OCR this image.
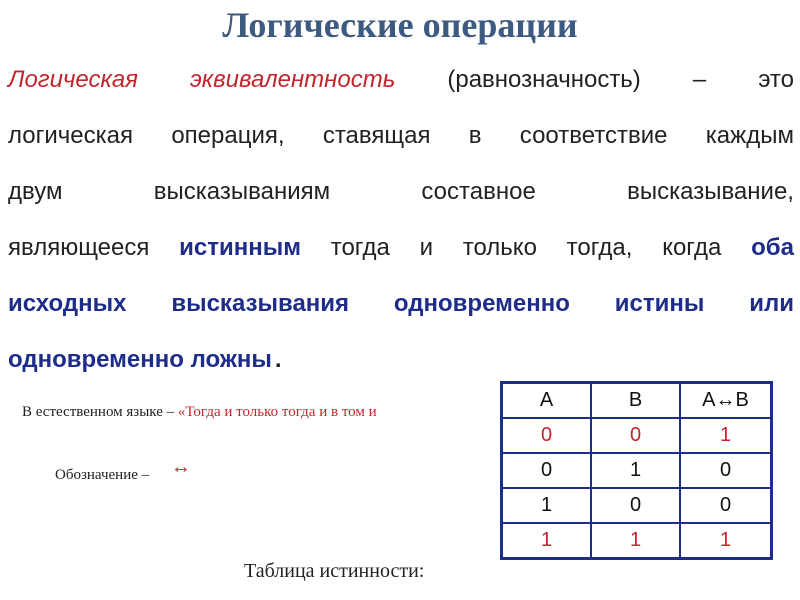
Логические операции
Логическая эквивалентность (равнозначность) – это
логическая операция, ставящая в соответствие каждым
двум	высказываниям	составное	высказывание,
являющееся истинным тогда и только тогда, когда оба
исходных высказывания одновременно истины или
одновременно ложны .
В естественном языке – «Тогда и только тогда и в том и
Обозначение – ↔
A	B	A↔B
0	0	1
0	1	0
1	0	0
1	1	1
Таблица истинности:
